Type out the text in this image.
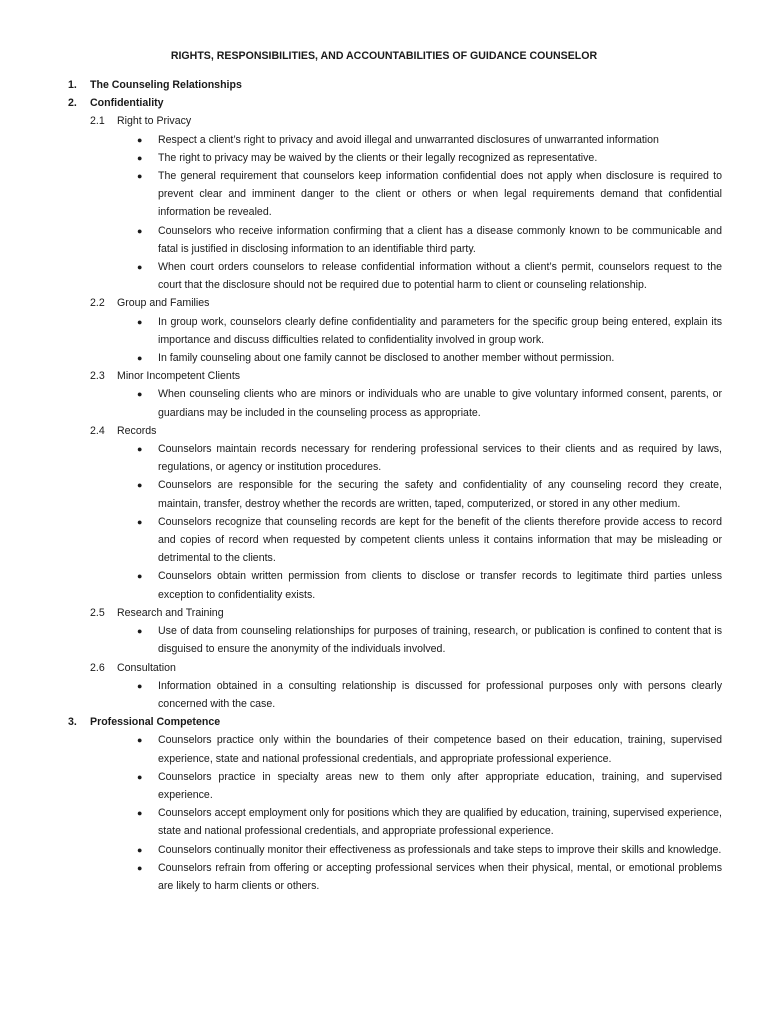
RIGHTS, RESPONSIBILITIES, AND ACCOUNTABILITIES OF GUIDANCE COUNSELOR
1.	The Counseling Relationships
2.	Confidentiality
2.1	Right to Privacy
● Respect a client’s right to privacy and avoid illegal and unwarranted disclosures of unwarranted information
● The right to privacy may be waived by the clients or their legally recognized as representative.
● The general requirement that counselors keep information confidential does not apply when disclosure is required to prevent clear and imminent danger to the client or others or when legal requirements demand that confidential information be revealed.
● Counselors who receive information confirming that a client has a disease commonly known to be communicable and fatal is justified in disclosing information to an identifiable third party.
● When court orders counselors to release confidential information without a client’s permit, counselors request to the court that the disclosure should not be required due to potential harm to client or counseling relationship.
2.2	Group and Families
● In group work, counselors clearly define confidentiality and parameters for the specific group being entered, explain its importance and discuss difficulties related to confidentiality involved in group work.
● In family counseling about one family cannot be disclosed to another member without permission.
2.3	Minor Incompetent Clients
● When counseling clients who are minors or individuals who are unable to give voluntary informed consent, parents, or guardians may be included in the counseling process as appropriate.
2.4	Records
● Counselors maintain records necessary for rendering professional services to their clients and as required by laws, regulations, or agency or institution procedures.
● Counselors are responsible for the securing the safety and confidentiality of any counseling record they create, maintain, transfer, destroy whether the records are written, taped, computerized, or stored in any other medium.
● Counselors recognize that counseling records are kept for the benefit of the clients therefore provide access to record and copies of record when requested by competent clients unless it contains information that may be misleading or detrimental to the clients.
● Counselors obtain written permission from clients to disclose or transfer records to legitimate third parties unless exception to confidentiality exists.
2.5	Research and Training
● Use of data from counseling relationships for purposes of training, research, or publication is confined to content that is disguised to ensure the anonymity of the individuals involved.
2.6	Consultation
● Information obtained in a consulting relationship is discussed for professional purposes only with persons clearly concerned with the case.
3.	Professional Competence
● Counselors practice only within the boundaries of their competence based on their education, training, supervised experience, state and national professional credentials, and appropriate professional experience.
● Counselors practice in specialty areas new to them only after appropriate education, training, and supervised experience.
● Counselors accept employment only for positions which they are qualified by education, training, supervised experience, state and national professional credentials, and appropriate professional experience.
● Counselors continually monitor their effectiveness as professionals and take steps to improve their skills and knowledge.
● Counselors refrain from offering or accepting professional services when their physical, mental, or emotional problems are likely to harm clients or others.
